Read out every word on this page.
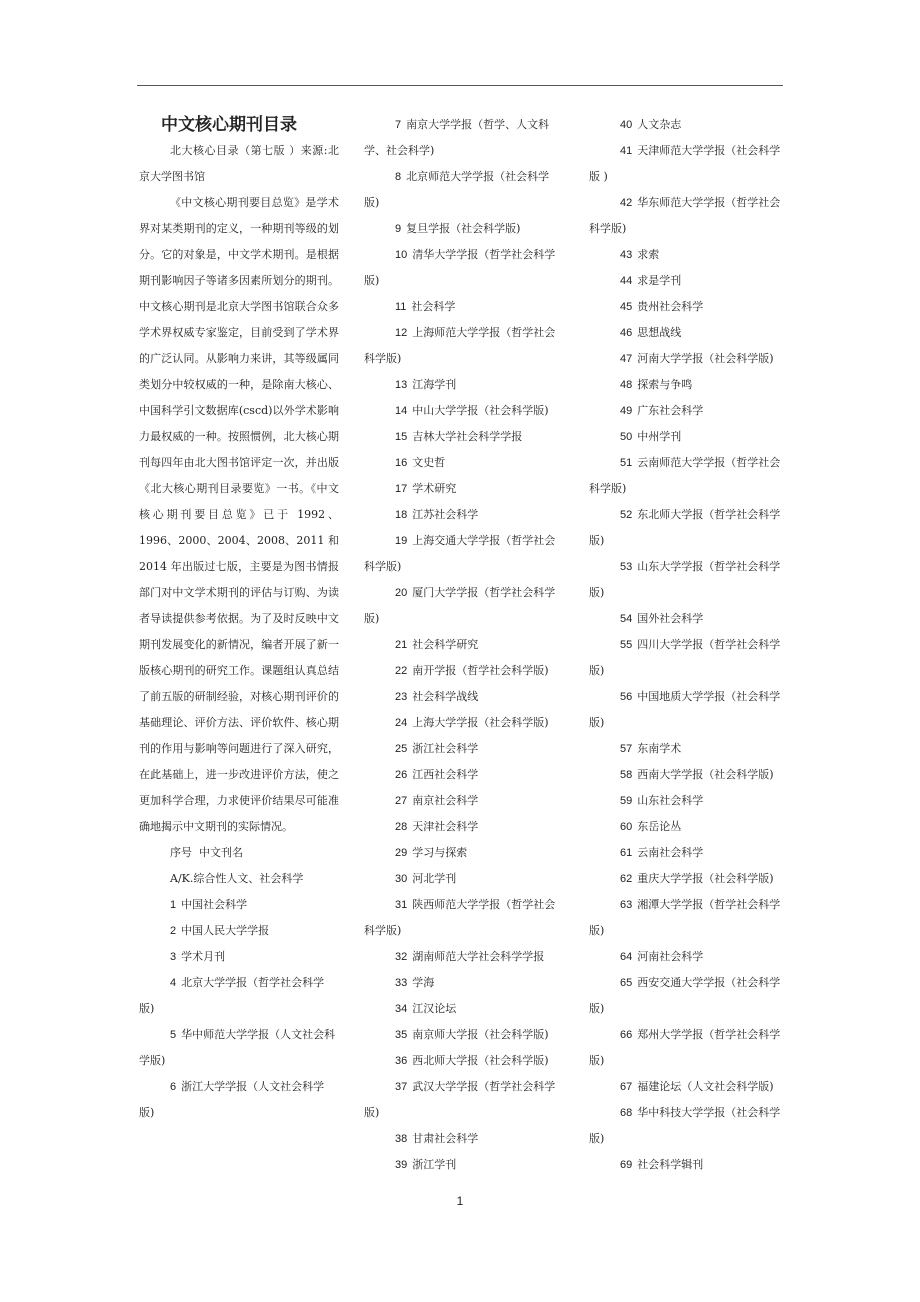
中文核心期刊目录

北大核心目录（第七版 ）来源:北京大学图书馆

《中文核心期刊要目总览》是学术界对某类期刊的定义，一种期刊等级的划分。它的对象是，中文学术期刊。是根据期刊影响因子等诸多因素所划分的期刊。中文核心期刊是北京大学图书馆联合众多学术界权威专家鉴定，目前受到了学术界的广泛认同。从影响力来讲，其等级属同类划分中较权威的一种，是除南大核心、中国科学引文数据库(cscd)以外学术影响力最权威的一种。按照惯例，北大核心期刊每四年由北大图书馆评定一次，并出版《北大核心期刊目录要览》一书。《中文核心期刊要目总览》已于 1992、1996、2000、2004、2008、2011 和 2014 年出版过七版，主要是为图书情报部门对中文学术期刊的评估与订购、为读者导读提供参考依据。为了及时反映中文期刊发展变化的新情况，编者开展了新一版核心期刊的研究工作。课题组认真总结了前五版的研制经验，对核心期刊评价的基础理论、评价方法、评价软件、核心期刊的作用与影响等问题进行了深入研究，在此基础上，进一步改进评价方法，使之更加科学合理，力求使评价结果尽可能准确地揭示中文期刊的实际情况。

序号  中文刊名

A/K.综合性人文、社会科学

1 中国社会科学

2 中国人民大学学报

3 学术月刊

4 北京大学学报（哲学社会科学版)

5 华中师范大学学报（人文社会科学版)

6 浙江大学学报（人文社会科学版)

7 南京大学学报（哲学、人文科学、社会科学)

8 北京师范大学学报（社会科学版)

9 复旦学报（社会科学版)

10 清华大学学报（哲学社会科学版)

11 社会科学

12 上海师范大学学报（哲学社会科学版)

13 江海学刊

14 中山大学学报（社会科学版)

15 吉林大学社会科学学报

16 文史哲

17 学术研究

18 江苏社会科学

19 上海交通大学学报（哲学社会科学版)

20 厦门大学学报（哲学社会科学版)

21 社会科学研究

22 南开学报（哲学社会科学版)

23 社会科学战线

24 上海大学学报（社会科学版)

25 浙江社会科学

26 江西社会科学

27 南京社会科学

28 天津社会科学

29 学习与探索

30 河北学刊

31 陕西师范大学学报（哲学社会科学版)

32 湖南师范大学社会科学学报

33 学海

34 江汉论坛

35 南京师大学报（社会科学版)

36 西北师大学报（社会科学版)

37 武汉大学学报（哲学社会科学版)

38 甘肃社会科学

39 浙江学刊

40 人文杂志

41 天津师范大学学报（社会科学版 )

42 华东师范大学学报（哲学社会科学版)

43 求索

44 求是学刊

45 贵州社会科学

46 思想战线

47 河南大学学报（社会科学版)

48 探索与争鸣

49 广东社会科学

50 中州学刊

51 云南师范大学学报（哲学社会科学版)

52 东北师大学报（哲学社会科学版)

53 山东大学学报（哲学社会科学版)

54 国外社会科学

55 四川大学学报（哲学社会科学版)

56 中国地质大学学报（社会科学版)

57 东南学术

58 西南大学学报（社会科学版)

59 山东社会科学

60 东岳论丛

61 云南社会科学

62 重庆大学学报（社会科学版)

63 湘潭大学学报（哲学社会科学版)

64 河南社会科学

65 西安交通大学学报（社会科学版)

66 郑州大学学报（哲学社会科学版)

67 福建论坛（人文社会科学版)

68 华中科技大学学报（社会科学版)

69 社会科学辑刊

1
